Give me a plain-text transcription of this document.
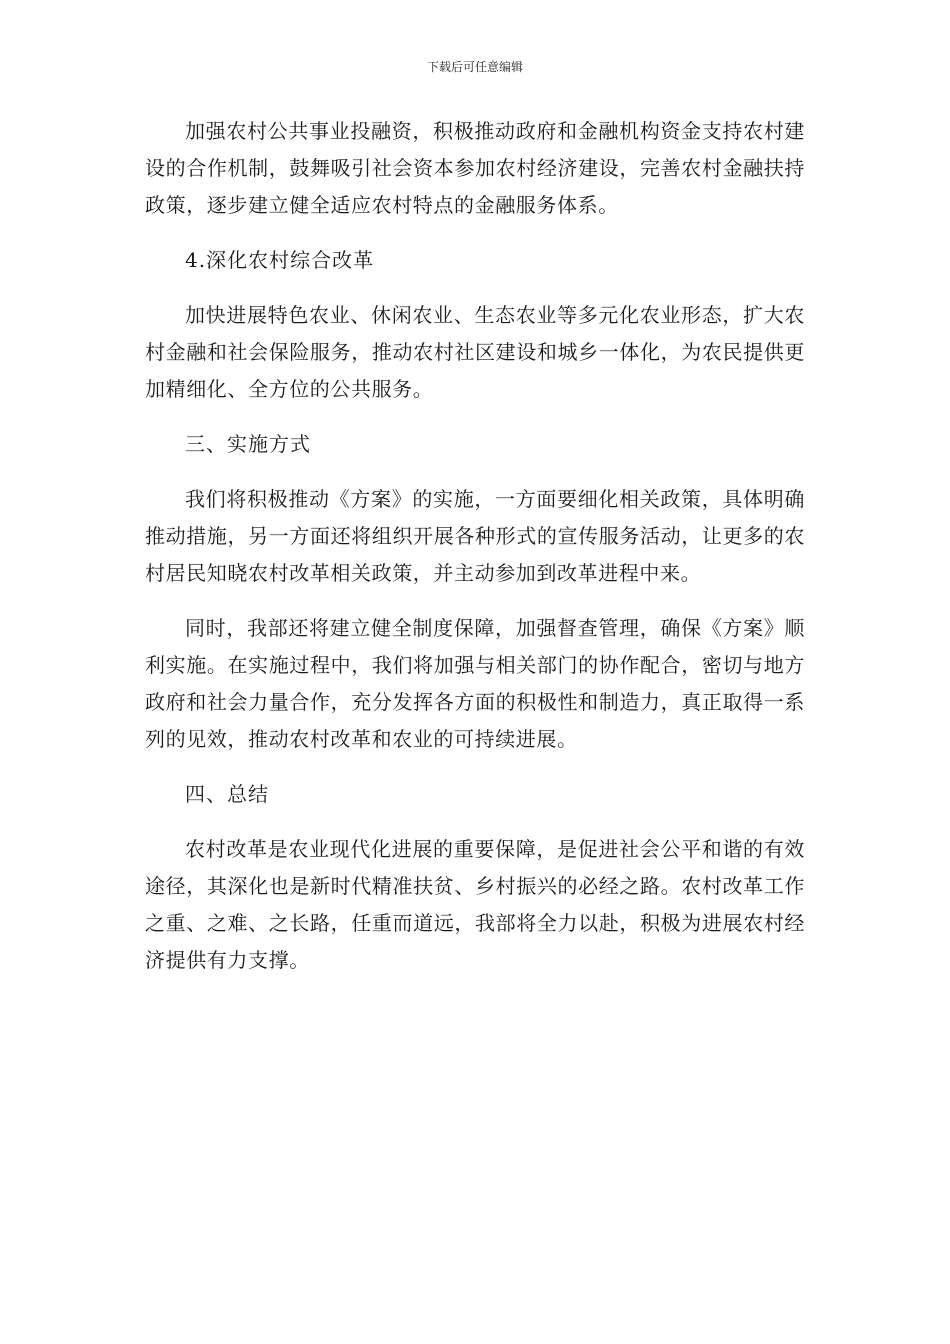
下载后可任意编辑

加强农村公共事业投融资，积极推动政府和金融机构资金支持农村建设的合作机制，鼓舞吸引社会资本参加农村经济建设，完善农村金融扶持政策，逐步建立健全适应农村特点的金融服务体系。

4.深化农村综合改革

加快进展特色农业、休闲农业、生态农业等多元化农业形态，扩大农村金融和社会保险服务，推动农村社区建设和城乡一体化，为农民提供更加精细化、全方位的公共服务。

三、实施方式

我们将积极推动《方案》的实施，一方面要细化相关政策，具体明确推动措施，另一方面还将组织开展各种形式的宣传服务活动，让更多的农村居民知晓农村改革相关政策，并主动参加到改革进程中来。

同时，我部还将建立健全制度保障，加强督查管理，确保《方案》顺利实施。在实施过程中，我们将加强与相关部门的协作配合，密切与地方政府和社会力量合作，充分发挥各方面的积极性和制造力，真正取得一系列的见效，推动农村改革和农业的可持续进展。

四、总结

农村改革是农业现代化进展的重要保障，是促进社会公平和谐的有效途径，其深化也是新时代精准扶贫、乡村振兴的必经之路。农村改革工作之重、之难、之长路，任重而道远，我部将全力以赴，积极为进展农村经济提供有力支撑。
